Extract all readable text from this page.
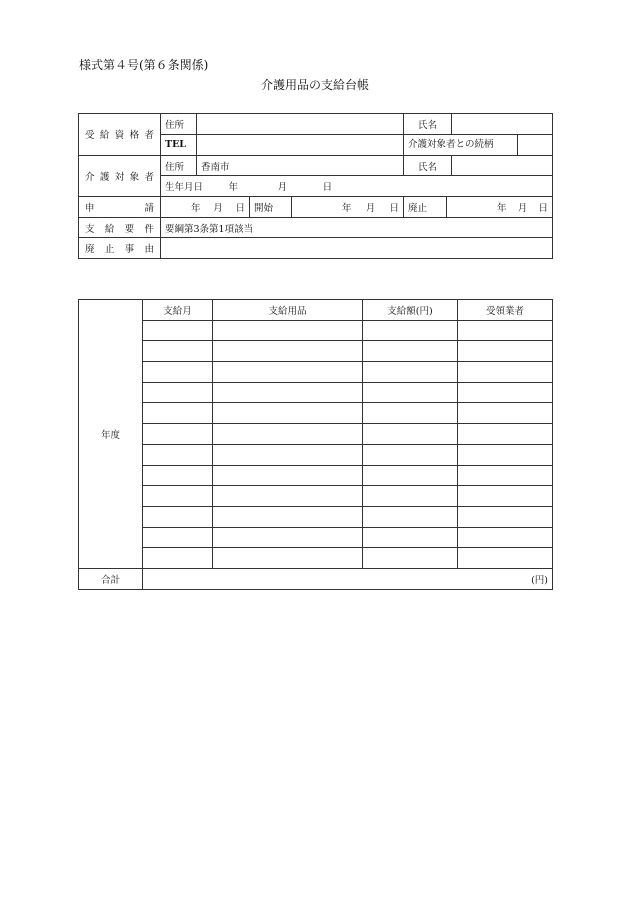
様式第４号(第６条関係)
介護用品の支給台帳
受 給 資 格 者	住所		氏名	
	TEL		介護対象者との続柄	

介 護 対 象 者	住所	香南市	氏名	
	生年月日 年 月 日			
申　　　請	年 月 日	開始	年 月 日	廃止	年 月 日

支 給 要 件	要綱第3条第1項該当				
廃 止 事 由					
年度	支給月	支給用品	支給額(円)	受領業者

合計	(円)			
